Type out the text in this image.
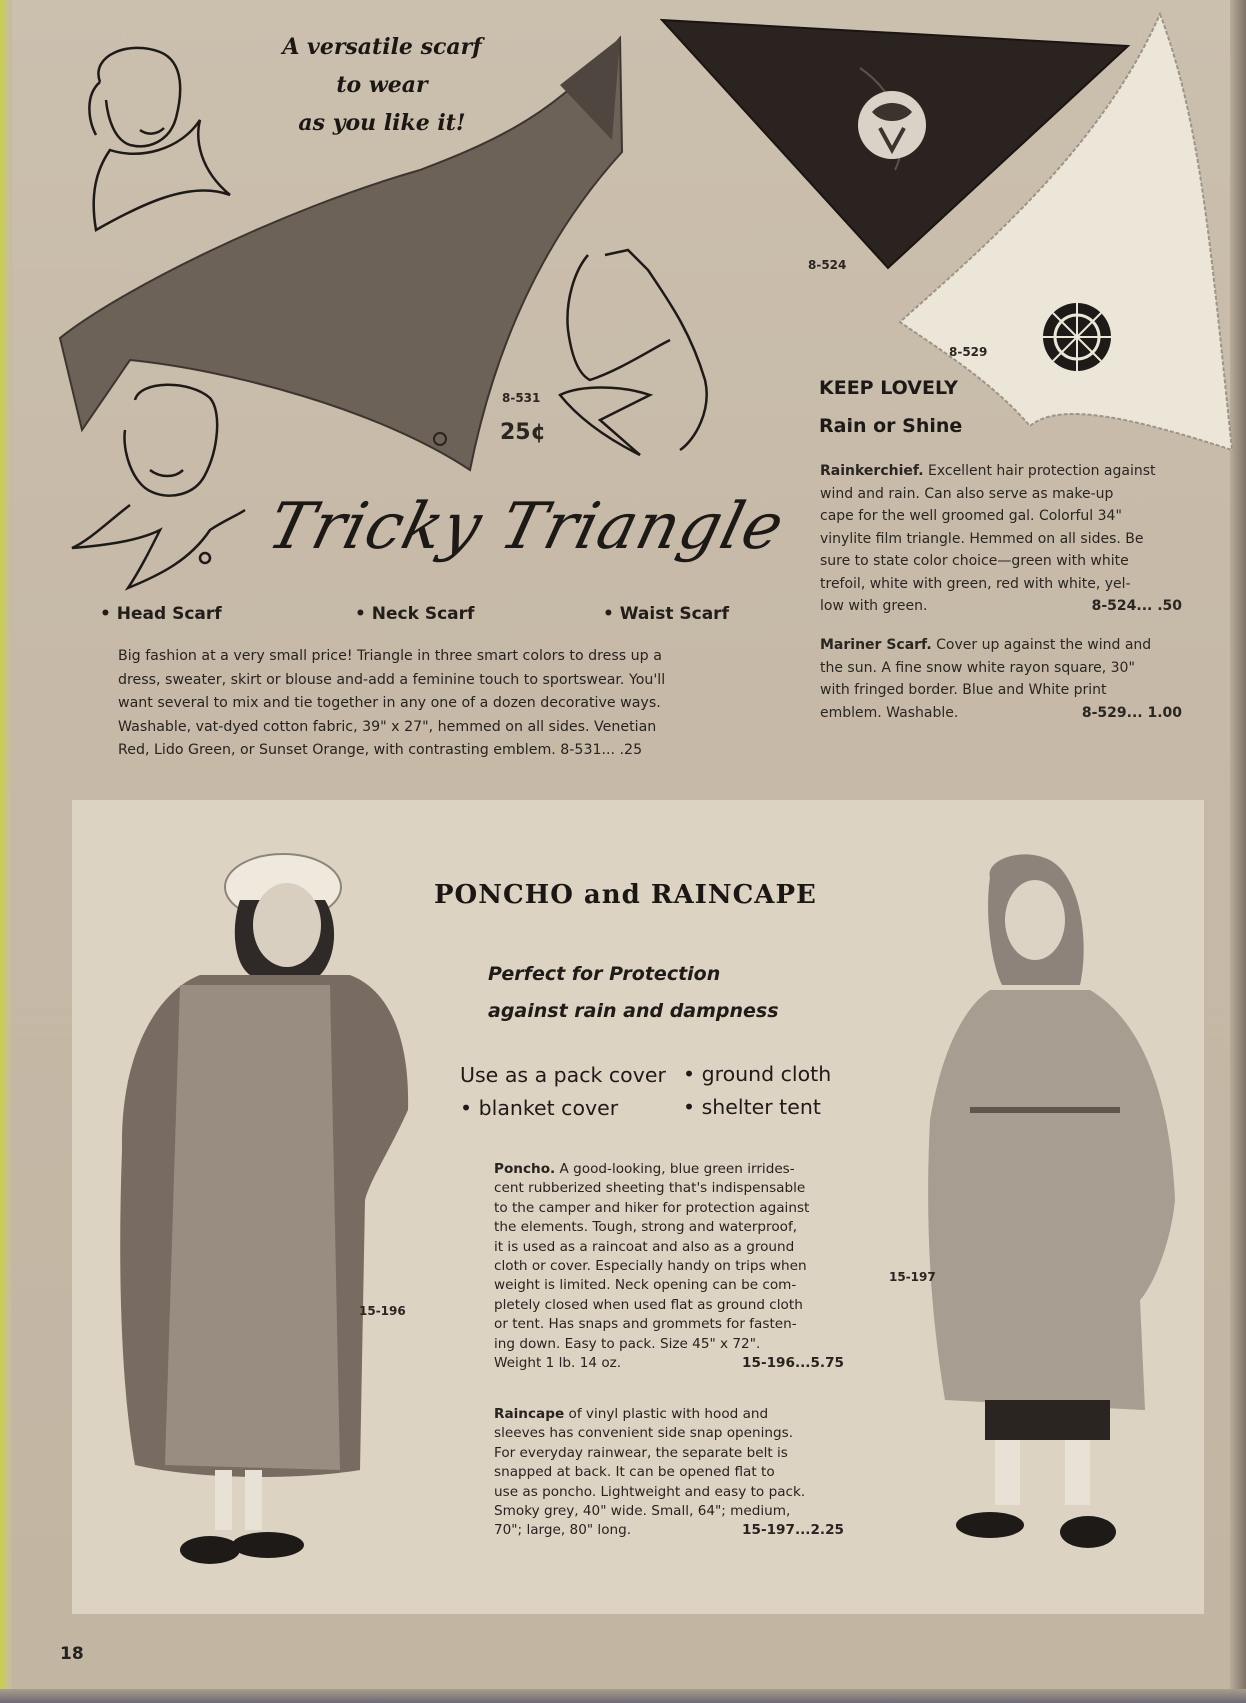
A versatile scarf
to wear
as you like it!
8-531
25¢
Tricky Triangle
• Head Scarf	• Neck Scarf	• Waist Scarf

Big fashion at a very small price! Triangle in three smart colors to dress up a

dress, sweater, skirt or blouse and-add a feminine touch to sportswear. You'll

want several to mix and tie together in any one of a dozen decorative ways.

Washable, vat-dyed cotton fabric, 39" x 27", hemmed on all sides. Venetian

Red, Lido Green, or Sunset Orange, with contrasting emblem. 8-531... .25

8-524
8-529
KEEP LOVELY
Rain or Shine
Rainkerchief. Excellent hair protection against
wind and rain. Can also serve as make-up
cape for the well groomed gal. Colorful 34"
vinylite film triangle. Hemmed on all sides. Be
sure to state color choice—green with white
trefoil, white with green, red with white, yel-
low with green.	8-524... .50
Mariner Scarf. Cover up against the wind and
the sun. A fine snow white rayon square, 30"
with fringed border. Blue and White print
emblem. Washable.	8-529... 1.00
PONCHO and RAINCAPE
Perfect for Protection
against rain and dampness
Use as a pack cover • ground cloth
• blanket cover	• shelter tent
15-196
15-197

Poncho. A good-looking, blue green irrides-

cent rubberized sheeting that's indispensable

to the camper and hiker for protection against

the elements. Tough, strong and waterproof,

it is used as a raincoat and also as a ground

cloth or cover. Especially handy on trips when

weight is limited. Neck opening can be com-

pletely closed when used flat as ground cloth

or tent. Has snaps and grommets for fasten-

ing down. Easy to pack. Size 45" x 72".

Weight 1 lb. 14 oz.	15-196...5.75

Raincape of vinyl plastic with hood and

sleeves has convenient side snap openings.

For everyday rainwear, the separate belt is

snapped at back. It can be opened flat to

use as poncho. Lightweight and easy to pack.

Smoky grey, 40" wide. Small, 64"; medium,

70"; large, 80" long.	15-197...2.25

18
